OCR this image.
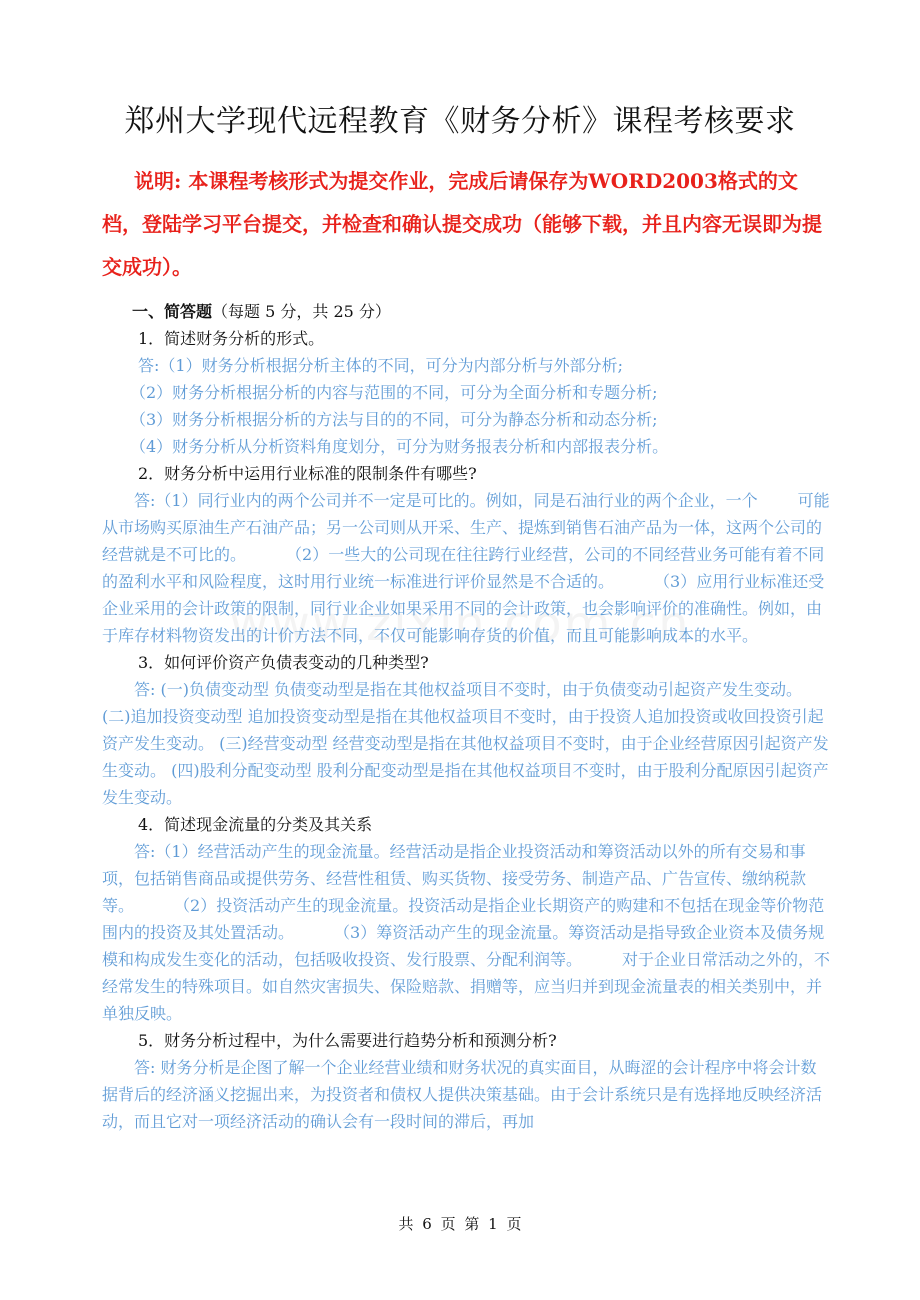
郑州大学现代远程教育《财务分析》课程考核要求

说明: 本课程考核形式为提交作业，完成后请保存为WORD2003格式的文档，登陆学习平台提交，并检查和确认提交成功（能够下载，并且内容无误即为提交成功）。

一、简答题（每题 5 分，共 25 分）

1．简述财务分析的形式。

答:（1）财务分析根据分析主体的不同，可分为内部分析与外部分析;

（2）财务分析根据分析的内容与范围的不同，可分为全面分析和专题分析;

（3）财务分析根据分析的方法与目的的不同，可分为静态分析和动态分析;

（4）财务分析从分析资料角度划分，可分为财务报表分析和内部报表分析。

2．财务分析中运用行业标准的限制条件有哪些?

答:（1）同行业内的两个公司并不一定是可比的。例如，同是石油行业的两个企业，一个	可能从市场购买原油生产石油产品；另一公司则从开采、生产、提炼到销售石油产品为一体，这两个公司的经营就是不可比的。	（2）一些大的公司现在往往跨行业经营，公司的不同经营业务可能有着不同的盈利水平和风险程度，这时用行业统一标准进行评价显然是不合适的。	（3）应用行业标准还受企业采用的会计政策的限制，同行业企业如果采用不同的会计政策，也会影响评价的准确性。例如，由于库存材料物资发出的计价方法不同，不仅可能影响存货的价值，而且可能影响成本的水平。

3．如何评价资产负债表变动的几种类型?

答: (一)负债变动型 负债变动型是指在其他权益项目不变时，由于负债变动引起资产发生变动。 (二)追加投资变动型 追加投资变动型是指在其他权益项目不变时，由于投资人追加投资或收回投资引起资产发生变动。 (三)经营变动型 经营变动型是指在其他权益项目不变时，由于企业经营原因引起资产发生变动。 (四)股利分配变动型 股利分配变动型是指在其他权益项目不变时，由于股利分配原因引起资产发生变动。

4．简述现金流量的分类及其关系

答:（1）经营活动产生的现金流量。经营活动是指企业投资活动和筹资活动以外的所有交易和事项，包括销售商品或提供劳务、经营性租赁、购买货物、接受劳务、制造产品、广告宣传、缴纳税款等。	（2）投资活动产生的现金流量。投资活动是指企业长期资产的购建和不包括在现金等价物范围内的投资及其处置活动。	（3）筹资活动产生的现金流量。筹资活动是指导致企业资本及债务规模和构成发生变化的活动，包括吸收投资、发行股票、分配利润等。	对于企业日常活动之外的，不经常发生的特殊项目。如自然灾害损失、保险赔款、捐赠等，应当归并到现金流量表的相关类别中，并单独反映。

5．财务分析过程中，为什么需要进行趋势分析和预测分析?

答: 财务分析是企图了解一个企业经营业绩和财务状况的真实面目，从晦涩的会计程序中将会计数据背后的经济涵义挖掘出来，为投资者和债权人提供决策基础。由于会计系统只是有选择地反映经济活动，而且它对一项经济活动的确认会有一段时间的滞后，再加

共 6 页 第 1 页
